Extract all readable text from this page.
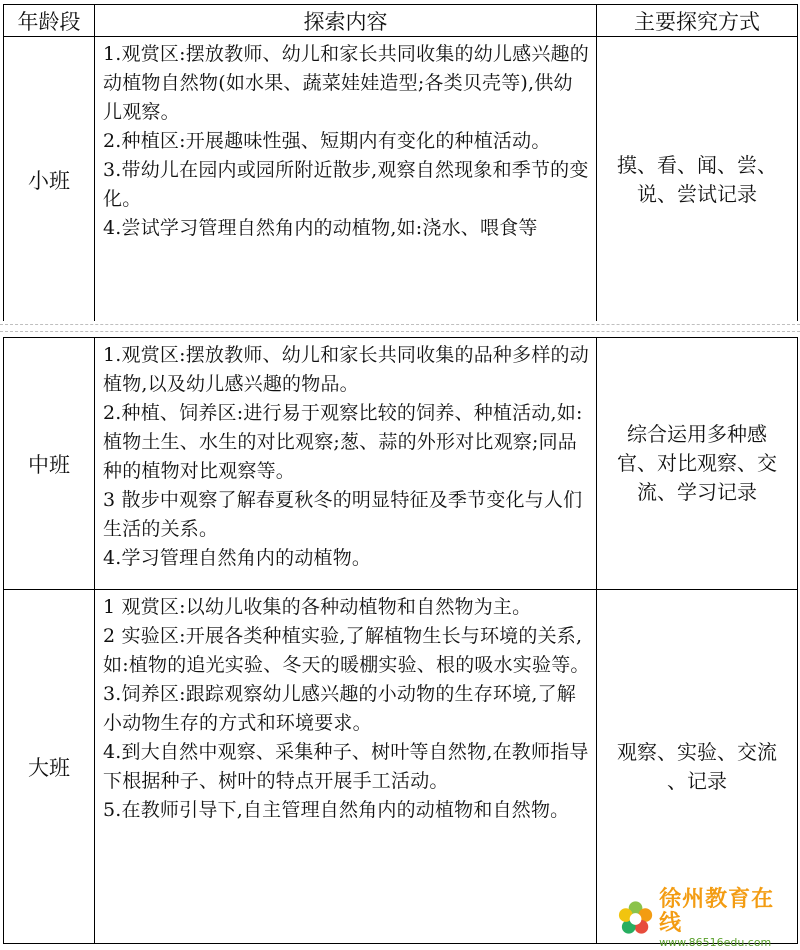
年龄段	探索内容	主要探究方式
小班	1.观赏区:摆放教师、幼儿和家长共同收集的幼儿感兴趣的动植物自然物(如水果、蔬菜娃娃造型;各类贝壳等),供幼儿观察。

2.种植区:开展趣味性强、短期内有变化的种植活动。

3.带幼儿在园内或园所附近散步,观察自然现象和季节的变化。

4.尝试学习管理自然角内的动植物,如:浇水、喂食等	摸、看、闻、尝、说、尝试记录
中班	1.观赏区:摆放教师、幼儿和家长共同收集的品种多样的动植物,以及幼儿感兴趣的物品。

2.种植、饲养区:进行易于观察比较的饲养、种植活动,如:植物土生、水生的对比观察;葱、蒜的外形对比观察;同品种的植物对比观察等。

3 散步中观察了解春夏秋冬的明显特征及季节变化与人们生活的关系。

4.学习管理自然角内的动植物。	综合运用多种感官、对比观察、交流、学习记录
大班	1 观赏区:以幼儿收集的各种动植物和自然物为主。

2 实验区:开展各类种植实验,了解植物生长与环境的关系,如:植物的追光实验、冬天的暖棚实验、根的吸水实验等。

3.饲养区:跟踪观察幼儿感兴趣的小动物的生存环境,了解小动物生存的方式和环境要求。

4.到大自然中观察、采集种子、树叶等自然物,在教师指导下根据种子、树叶的特点开展手工活动。

5.在教师引导下,自主管理自然角内的动植物和自然物。	观察、实验、交流 、记录
徐州教育在线
www.86516edu.com
